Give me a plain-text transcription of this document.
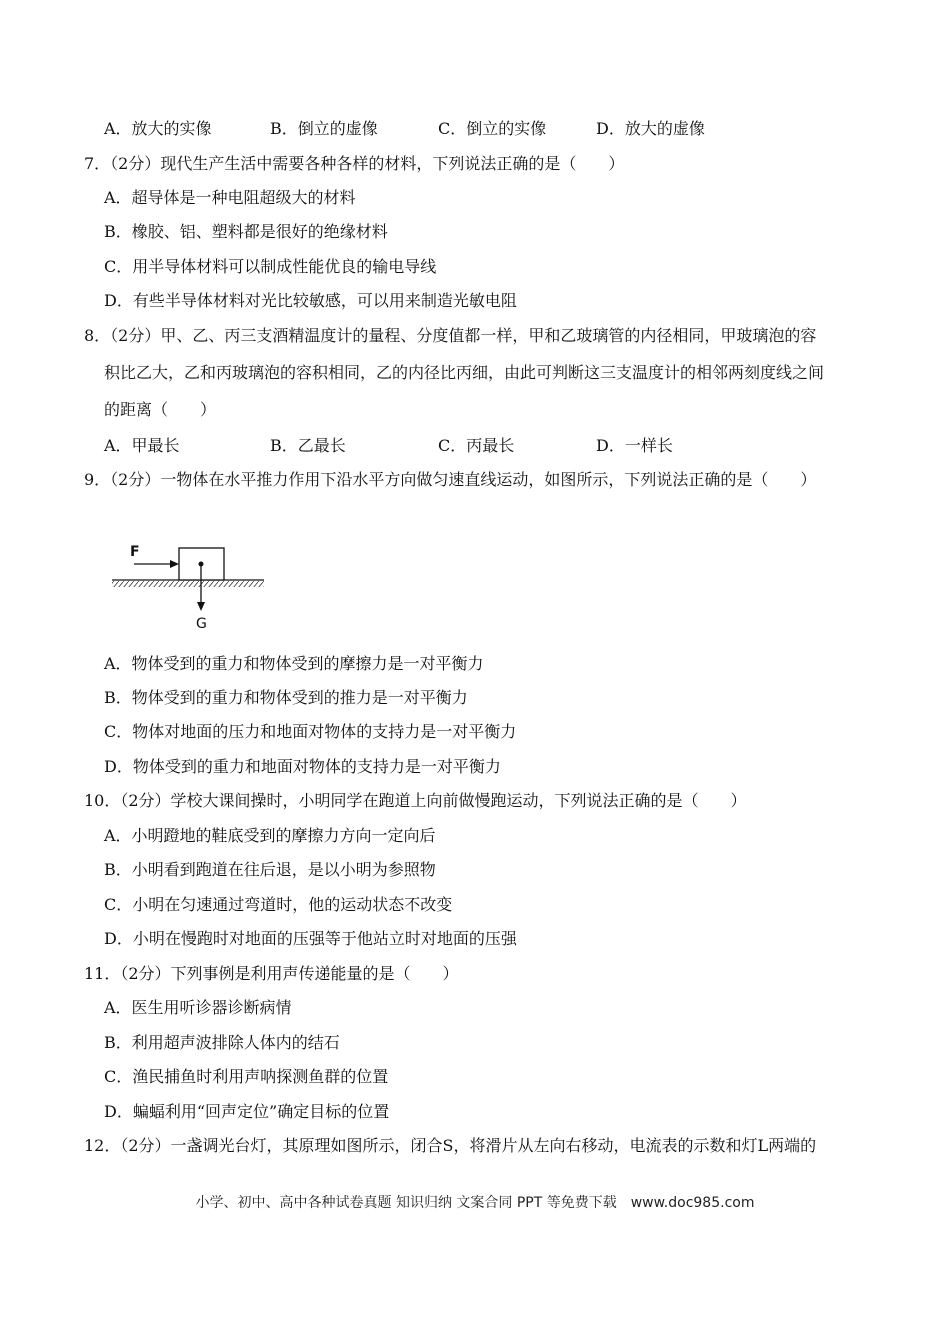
A．放大的实像	B．倒立的虚像	C．倒立的实像	D．放大的虚像
7．（2分）现代生产生活中需要各种各样的材料，下列说法正确的是（　　）
A．超导体是一种电阻超级大的材料
B．橡胶、铝、塑料都是很好的绝缘材料
C．用半导体材料可以制成性能优良的输电导线
D．有些半导体材料对光比较敏感，可以用来制造光敏电阻
8．（2分）甲、乙、丙三支酒精温度计的量程、分度值都一样，甲和乙玻璃管的内径相同，甲玻璃泡的容
积比乙大，乙和丙玻璃泡的容积相同，乙的内径比丙细，由此可判断这三支温度计的相邻两刻度线之间
的距离（　　）
A．甲最长	B．乙最长	C．丙最长	D．一样长
9．（2分）一物体在水平推力作用下沿水平方向做匀速直线运动，如图所示，下列说法正确的是（　　）
F
G
A．物体受到的重力和物体受到的摩擦力是一对平衡力
B．物体受到的重力和物体受到的推力是一对平衡力
C．物体对地面的压力和地面对物体的支持力是一对平衡力
D．物体受到的重力和地面对物体的支持力是一对平衡力
10．（2分）学校大课间操时，小明同学在跑道上向前做慢跑运动，下列说法正确的是（　　）
A．小明蹬地的鞋底受到的摩擦力方向一定向后
B．小明看到跑道在往后退，是以小明为参照物
C．小明在匀速通过弯道时，他的运动状态不改变
D．小明在慢跑时对地面的压强等于他站立时对地面的压强
11．（2分）下列事例是利用声传递能量的是（　　）
A．医生用听诊器诊断病情
B．利用超声波排除人体内的结石
C．渔民捕鱼时利用声呐探测鱼群的位置
D．蝙蝠利用“回声定位”确定目标的位置
12．（2分）一盏调光台灯，其原理如图所示，闭合S，将滑片从左向右移动，电流表的示数和灯L两端的
小学、初中、高中各种试卷真题 知识归纳 文案合同 PPT 等免费下载　www.doc985.com
